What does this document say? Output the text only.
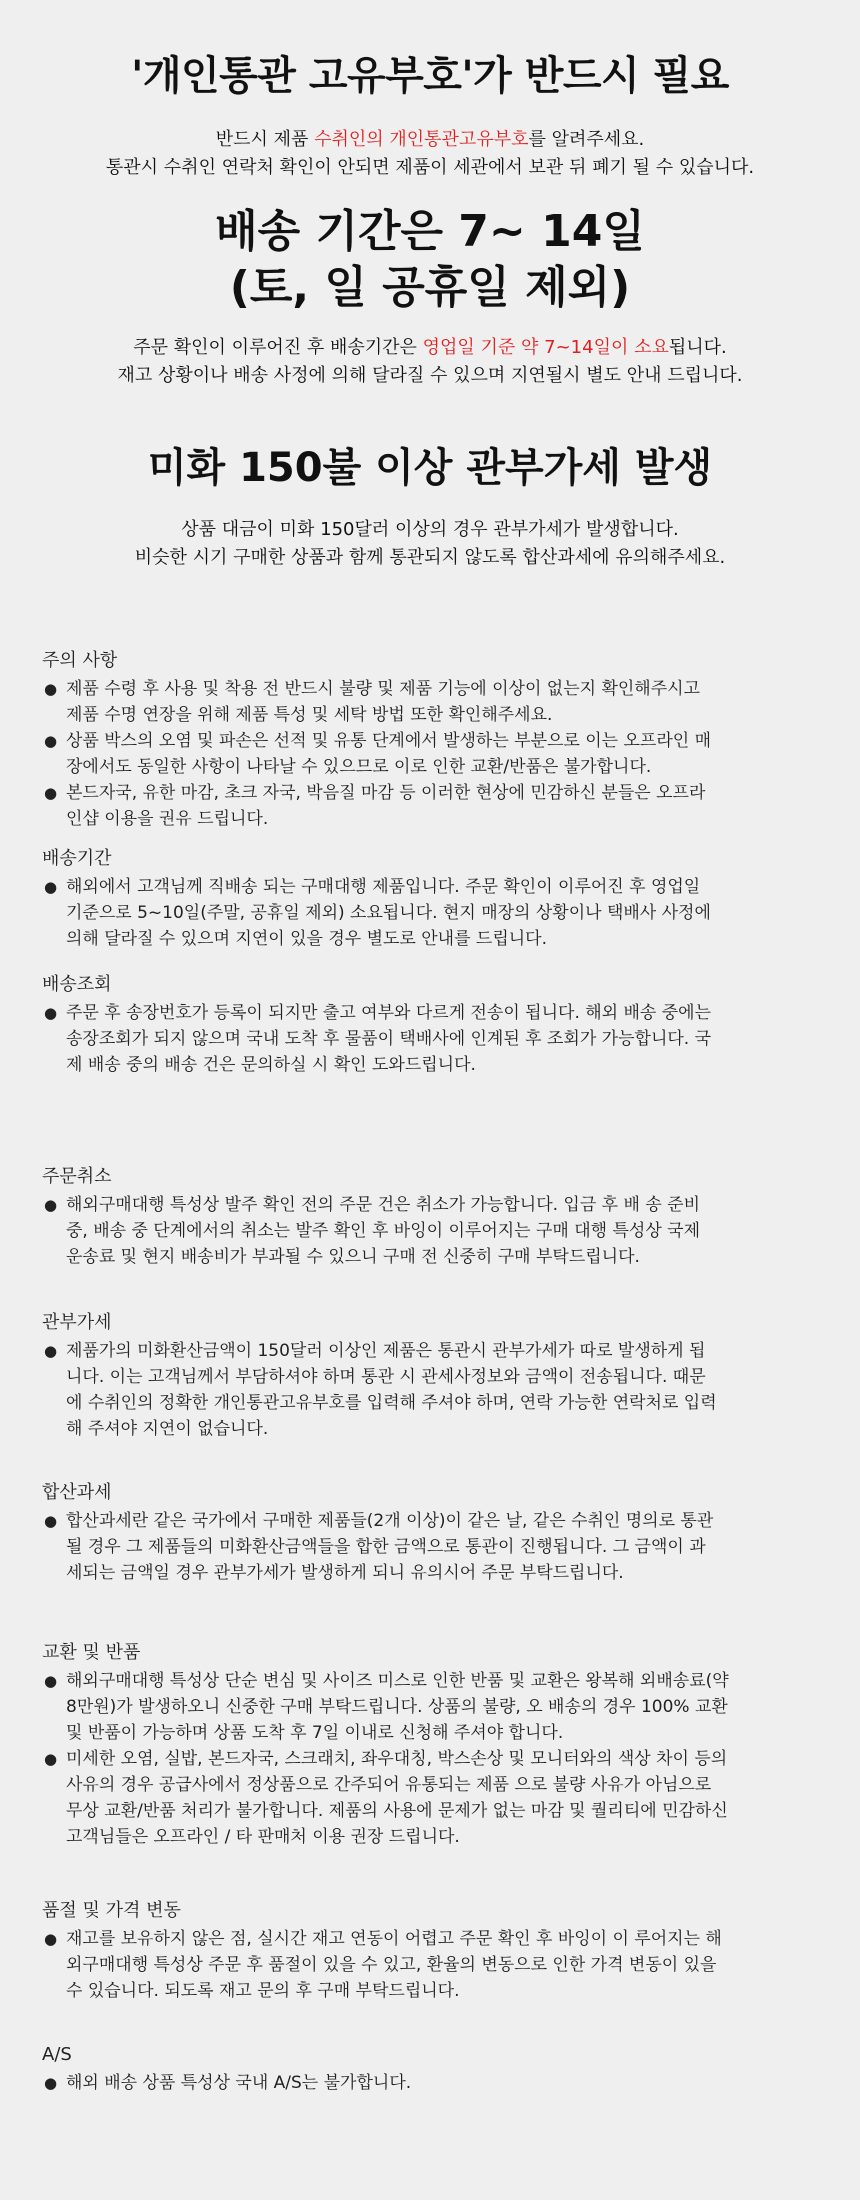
'개인통관 고유부호'가 반드시 필요
반드시 제품 수취인의 개인통관고유부호를 알려주세요.
통관시 수취인 연락처 확인이 안되면 제품이 세관에서 보관 뒤 폐기 될 수 있습니다.
배송 기간은 7~ 14일
(토, 일 공휴일 제외)
주문 확인이 이루어진 후 배송기간은 영업일 기준 약 7~14일이 소요됩니다.
재고 상황이나 배송 사정에 의해 달라질 수 있으며 지연될시 별도 안내 드립니다.
미화 150불 이상 관부가세 발생
상품 대금이 미화 150달러 이상의 경우 관부가세가 발생합니다.
비슷한 시기 구매한 상품과 함께 통관되지 않도록 합산과세에 유의해주세요.
주의 사항
● 제품 수령 후 사용 및 착용 전 반드시 불량 및 제품 기능에 이상이 없는지 확인해주시고
제품 수명 연장을 위해 제품 특성 및 세탁 방법 또한 확인해주세요.
● 상품 박스의 오염 및 파손은 선적 및 유통 단계에서 발생하는 부분으로 이는 오프라인 매
장에서도 동일한 사항이 나타날 수 있으므로 이로 인한 교환/반품은 불가합니다.
● 본드자국, 유한 마감, 초크 자국, 박음질 마감 등 이러한 현상에 민감하신 분들은 오프라
인샵 이용을 권유 드립니다.
배송기간
● 해외에서 고객님께 직배송 되는 구매대행 제품입니다. 주문 확인이 이루어진 후 영업일
기준으로 5~10일(주말, 공휴일 제외) 소요됩니다. 현지 매장의 상황이나 택배사 사정에
의해 달라질 수 있으며 지연이 있을 경우 별도로 안내를 드립니다.
배송조회
● 주문 후 송장번호가 등록이 되지만 출고 여부와 다르게 전송이 됩니다. 해외 배송 중에는
송장조회가 되지 않으며 국내 도착 후 물품이 택배사에 인계된 후 조회가 가능합니다. 국
제 배송 중의 배송 건은 문의하실 시 확인 도와드립니다.
주문취소
● 해외구매대행 특성상 발주 확인 전의 주문 건은 취소가 가능합니다. 입금 후 배 송 준비
중, 배송 중 단계에서의 취소는 발주 확인 후 바잉이 이루어지는 구매 대행 특성상 국제
운송료 및 현지 배송비가 부과될 수 있으니 구매 전 신중히 구매 부탁드립니다.
관부가세
● 제품가의 미화환산금액이 150달러 이상인 제품은 통관시 관부가세가 따로 발생하게 됩
니다. 이는 고객님께서 부담하셔야 하며 통관 시 관세사정보와 금액이 전송됩니다. 때문
에 수취인의 정확한 개인통관고유부호를 입력해 주셔야 하며, 연락 가능한 연락처로 입력
해 주셔야 지연이 없습니다.
합산과세
● 합산과세란 같은 국가에서 구매한 제품들(2개 이상)이 같은 날, 같은 수취인 명의로 통관
될 경우 그 제품들의 미화환산금액들을 합한 금액으로 통관이 진행됩니다. 그 금액이 과
세되는 금액일 경우 관부가세가 발생하게 되니 유의시어 주문 부탁드립니다.
교환 및 반품
● 해외구매대행 특성상 단순 변심 및 사이즈 미스로 인한 반품 및 교환은 왕복해 외배송료(약
8만원)가 발생하오니 신중한 구매 부탁드립니다. 상품의 불량, 오 배송의 경우 100% 교환
및 반품이 가능하며 상품 도착 후 7일 이내로 신청해 주셔야 합니다.
● 미세한 오염, 실밥, 본드자국, 스크래치, 좌우대칭, 박스손상 및 모니터와의 색상 차이 등의
사유의 경우 공급사에서 정상품으로 간주되어 유통되는 제품 으로 불량 사유가 아님으로
무상 교환/반품 처리가 불가합니다. 제품의 사용에 문제가 없는 마감 및 퀄리티에 민감하신
고객님들은 오프라인 / 타 판매처 이용 권장 드립니다.
품절 및 가격 변동
● 재고를 보유하지 않은 점, 실시간 재고 연동이 어렵고 주문 확인 후 바잉이 이 루어지는 해
외구매대행 특성상 주문 후 품절이 있을 수 있고, 환율의 변동으로 인한 가격 변동이 있을
수 있습니다. 되도록 재고 문의 후 구매 부탁드립니다.
A/S
● 해외 배송 상품 특성상 국내 A/S는 불가합니다.
